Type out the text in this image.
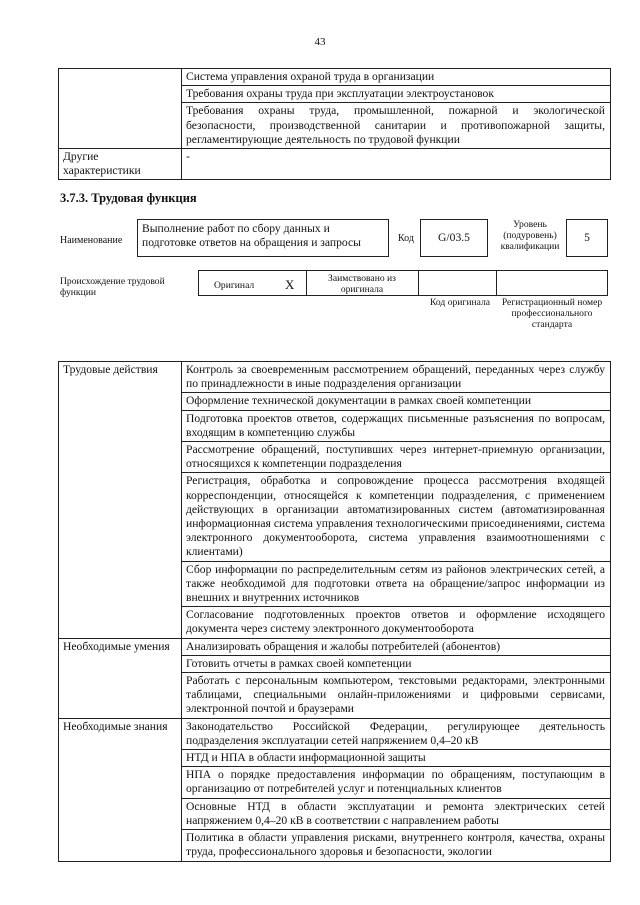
43
	Система управления охраной труда в организации
	Требования охраны труда при эксплуатации электроустановок
	Требования охраны труда, промышленной, пожарной и экологической безопасности, производственной санитарии и противопожарной защиты, регламентирующие деятельность по трудовой функции
Другие характеристики	-
3.7.3. Трудовая функция
Наименование
Выполнение работ по сбору данных и подготовке ответов на обращения и запросы	Код	G/03.5
Уровень (подуровень) квалификации
5
Происхождение трудовой функции
Оригинал X	Заимствовано из оригинала
Код оригинала Регистрационный номер профессионального стандарта
Трудовые действия	Контроль за своевременным рассмотрением обращений, переданных через службу по принадлежности в иные подразделения организации
	Оформление технической документации в рамках своей компетенции
	Подготовка проектов ответов, содержащих письменные разъяснения по вопросам, входящим в компетенцию службы
	Рассмотрение обращений, поступивших через интернет-приемную организации, относящихся к компетенции подразделения
	Регистрация, обработка и сопровождение процесса рассмотрения входящей корреспонденции, относящейся к компетенции подразделения, с применением действующих в организации автоматизированных систем (автоматизированная информационная система управления технологическими присоединениями, система электронного документооборота, система управления взаимоотношениями с клиентами)
	Сбор информации по распределительным сетям из районов электрических сетей, а также необходимой для подготовки ответа на обращение/запрос информации из внешних и внутренних источников
	Согласование подготовленных проектов ответов и оформление исходящего документа через систему электронного документооборота
Необходимые умения	Анализировать обращения и жалобы потребителей (абонентов)
	Готовить отчеты в рамках своей компетенции
	Работать с персональным компьютером, текстовыми редакторами, электронными таблицами, специальными онлайн-приложениями и цифровыми сервисами, электронной почтой и браузерами
Необходимые знания	Законодательство Российской Федерации, регулирующее деятельность подразделения эксплуатации сетей напряжением 0,4–20 кВ
	НТД и НПА в области информационной защиты
	НПА о порядке предоставления информации по обращениям, поступающим в организацию от потребителей услуг и потенциальных клиентов
	Основные НТД в области эксплуатации и ремонта электрических сетей напряжением 0,4–20 кВ в соответствии с направлением работы
	Политика в области управления рисками, внутреннего контроля, качества, охраны труда, профессионального здоровья и безопасности, экологии
